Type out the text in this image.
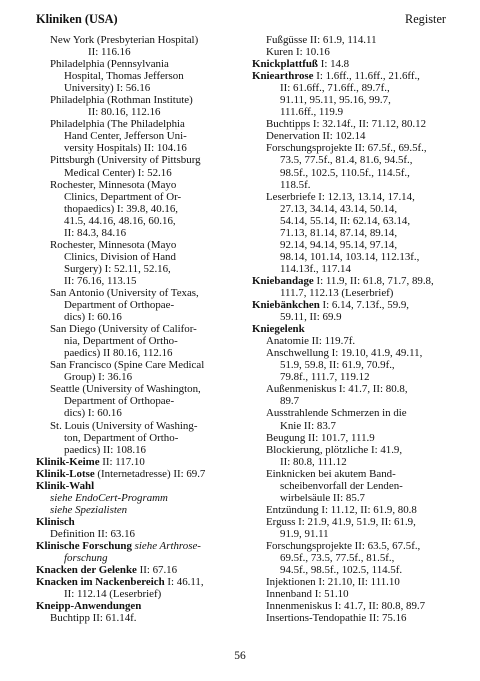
Kliniken (USA)	Register

New York (Presbyterian Hospital)

II: 116.16

Philadelphia (Pennsylvania

Hospital, Thomas Jefferson

University) I: 56.16

Philadelphia (Rothman Institute)

II: 80.16, 112.16

Philadelphia (The Philadelphia

Hand Center, Jefferson Uni-

versity Hospitals) II: 104.16

Pittsburgh (University of Pittsburg

Medical Center) I: 52.16

Rochester, Minnesota (Mayo

Clinics, Department of Or-

thopaedics) I: 39.8, 40.16,

41.5, 44.16, 48.16, 60.16,

II: 84.3, 84.16

Rochester, Minnesota (Mayo

Clinics, Division of Hand

Surgery) I: 52.11, 52.16,

II: 76.16, 113.15

San Antonio (University of Texas,

Department of Orthopae-

dics) I: 60.16

San Diego (University of Califor-

nia, Department of Ortho-

paedics) II 80.16, 112.16

San Francisco (Spine Care Medical

Group) I: 36.16

Seattle (University of Washington,

Department of Orthopae-

dics) I: 60.16

St. Louis (University of Washing-

ton, Department of Ortho-

paedics) II: 108.16

Klinik-Keime II: 117.10

Klinik-Lotse (Internetadresse) II: 69.7

Klinik-Wahl

siehe EndoCert-Programm

siehe Spezialisten

Klinisch

Definition II: 63.16

Klinische Forschung siehe Arthrose-

forschung

Knacken der Gelenke II: 67.16

Knacken im Nackenbereich I: 46.11,

II: 112.14 (Leserbrief)

Kneipp-Anwendungen

Buchtipp II: 61.14f.

Fußgüsse II: 61.9, 114.11

Kuren I: 10.16

Knickplattfuß I: 14.8

Kniearthrose I: 1.6ff., 11.6ff., 21.6ff.,

II: 61.6ff., 71.6ff., 89.7f.,

91.11, 95.11, 95.16, 99.7,

111.6ff., 119.9

Buchtipps I: 32.14f., II: 71.12, 80.12

Denervation II: 102.14

Forschungsprojekte II: 67.5f., 69.5f.,

73.5, 77.5f., 81.4, 81.6, 94.5f.,

98.5f., 102.5, 110.5f., 114.5f.,

118.5f.

Leserbriefe I: 12.13, 13.14, 17.14,

27.13, 34.14, 43.14, 50.14,

54.14, 55.14, II: 62.14, 63.14,

71.13, 81.14, 87.14, 89.14,

92.14, 94.14, 95.14, 97.14,

98.14, 101.14, 103.14, 112.13f.,

114.13f., 117.14

Kniebandage I: 11.9, II: 61.8, 71.7, 89.8,

111.7, 112.13 (Leserbrief)

Kniebänkchen I: 6.14, 7.13f., 59.9,

59.11, II: 69.9

Kniegelenk

Anatomie II: 119.7f.

Anschwellung I: 19.10, 41.9, 49.11,

51.9, 59.8, II: 61.9, 70.9f.,

79.8f., 111.7, 119.12

Außenmeniskus I: 41.7, II: 80.8,

89.7

Ausstrahlende Schmerzen in die

Knie II: 83.7

Beugung II: 101.7, 111.9

Blockierung, plötzliche I: 41.9,

II: 80.8, 111.12

Einknicken bei akutem Band-

scheibenvorfall der Lenden-

wirbelsäule II: 85.7

Entzündung I: 11.12, II: 61.9, 80.8

Erguss I: 21.9, 41.9, 51.9, II: 61.9,

91.9, 91.11

Forschungsprojekte II: 63.5, 67.5f.,

69.5f., 73.5, 77.5f., 81.5f.,

94.5f., 98.5f., 102.5, 114.5f.

Injektionen I: 21.10, II: 111.10

Innenband I: 51.10

Innenmeniskus I: 41.7, II: 80.8, 89.7

Insertions-Tendopathie II: 75.16

56
